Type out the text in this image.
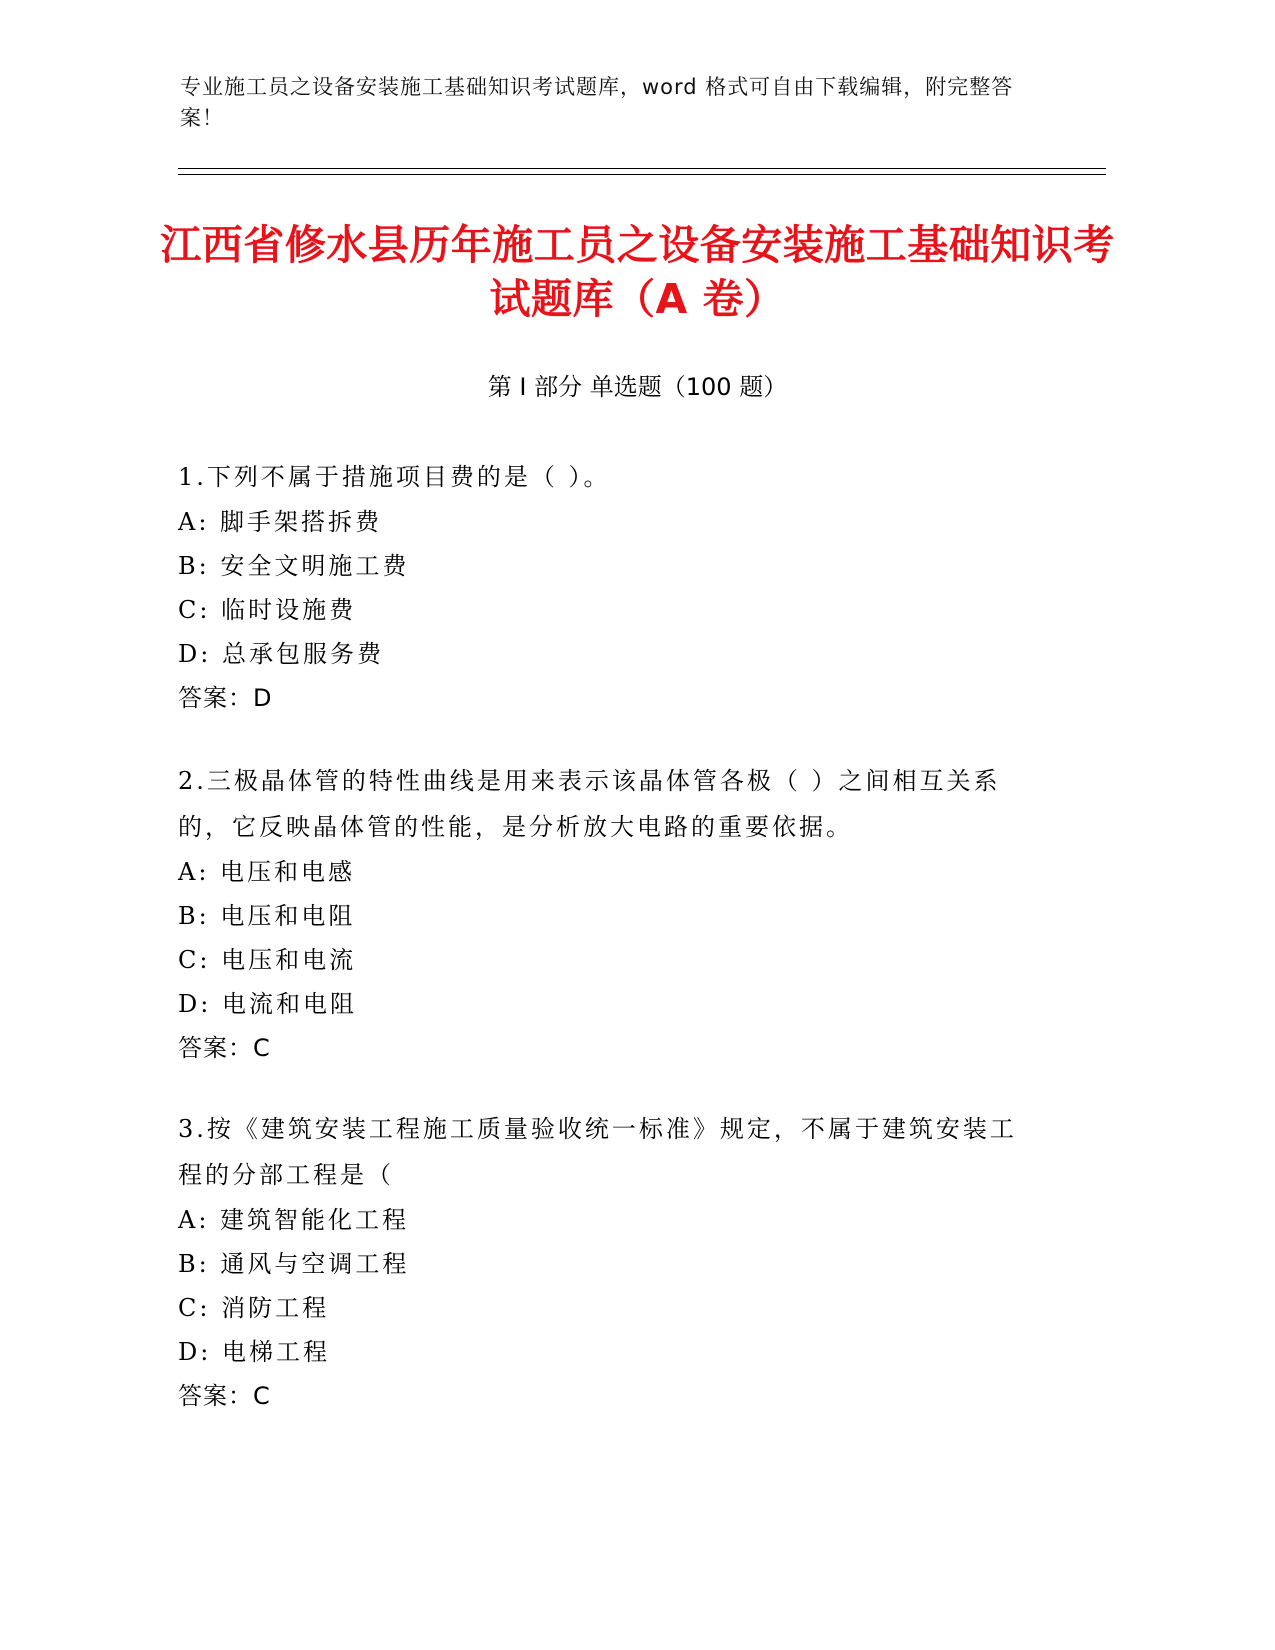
专业施工员之设备安装施工基础知识考试题库，word 格式可自由下载编辑，附完整答案！
江西省修水县历年施工员之设备安装施工基础知识考试题库（A 卷）
第 I 部分 单选题（100 题）
1.下列不属于措施项目费的是（ ）。
A: 脚手架搭拆费
B: 安全文明施工费
C: 临时设施费
D: 总承包服务费
答案：D
2.三极晶体管的特性曲线是用来表示该晶体管各极（ ）之间相互关系的，它反映晶体管的性能，是分析放大电路的重要依据。
A: 电压和电感
B: 电压和电阻
C: 电压和电流
D: 电流和电阻
答案：C
3.按《建筑安装工程施工质量验收统一标准》规定，不属于建筑安装工程的分部工程是（
A: 建筑智能化工程
B: 通风与空调工程
C: 消防工程
D: 电梯工程
答案：C
